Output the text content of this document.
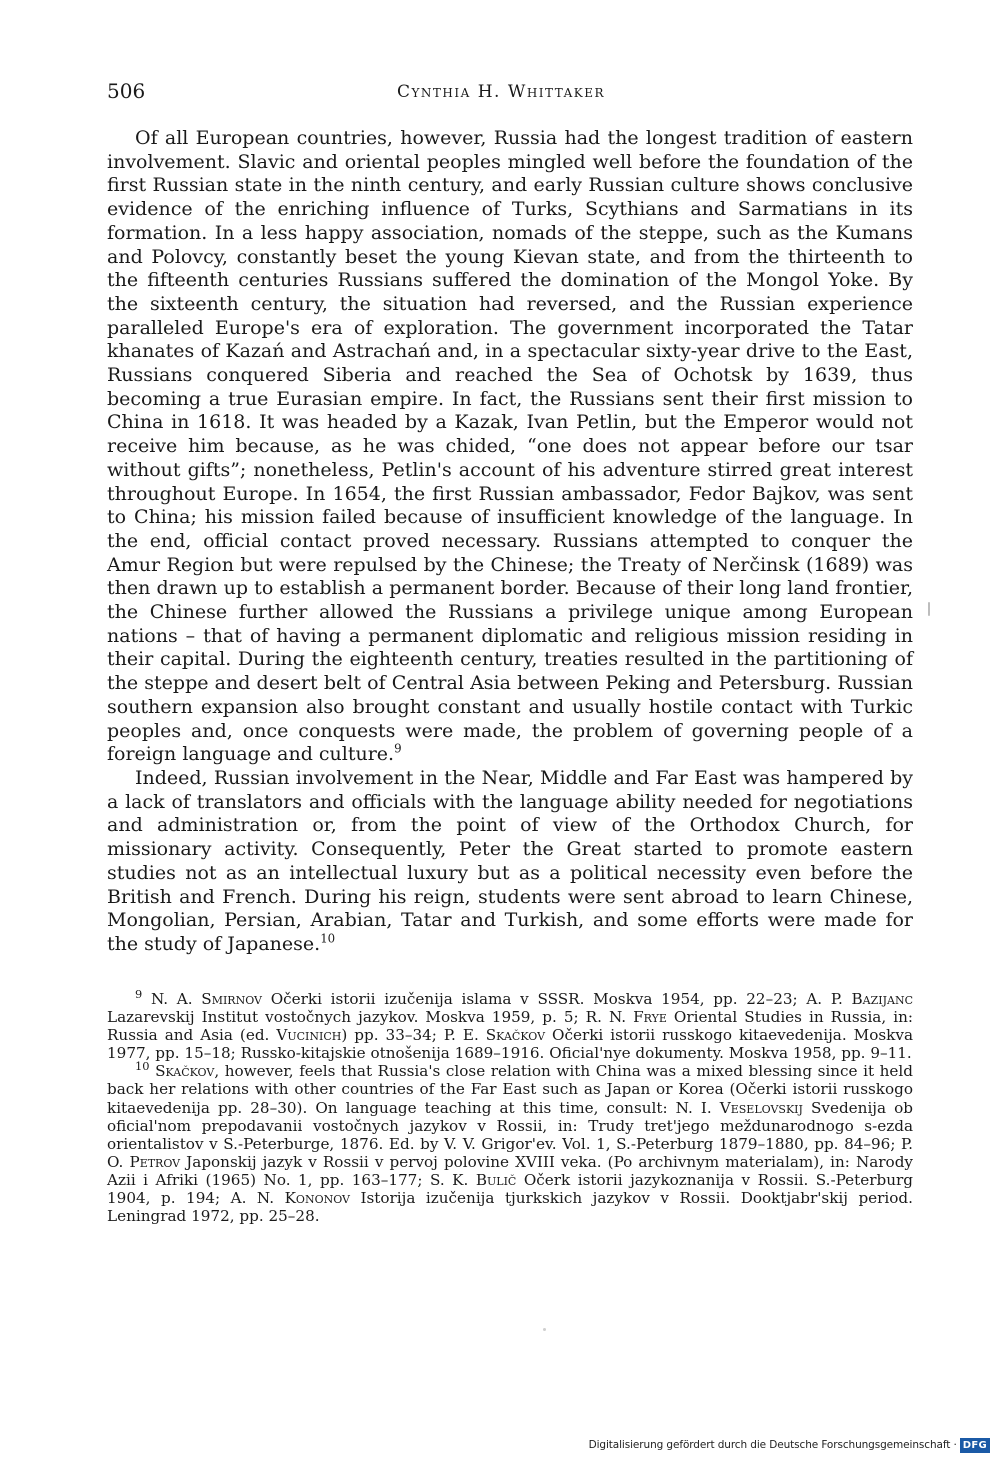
506	Cynthia H. Whittaker

Of all European countries, however, Russia had the longest tradition of eastern involvement. Slavic and oriental peoples mingled well before the foundation of the first Russian state in the ninth century, and early Russian culture shows conclusive evidence of the enriching influence of Turks, Scythians and Sarmatians in its formation. In a less happy association, nomads of the steppe, such as the Kumans and Polovcy, constantly beset the young Kievan state, and from the thirteenth to the fifteenth centuries Russians suffered the domination of the Mongol Yoke. By the sixteenth century, the situation had reversed, and the Russian experience paralleled Europe's era of exploration. The government incorporated the Tatar khanates of Kazań and Astrachań and, in a spectacular sixty-year drive to the East, Russians conquered Siberia and reached the Sea of Ochotsk by 1639, thus becoming a true Eurasian empire. In fact, the Russians sent their first mission to China in 1618. It was headed by a Kazak, Ivan Petlin, but the Emperor would not receive him because, as he was chided, “one does not appear before our tsar without gifts”; nonetheless, Petlin's account of his adventure stirred great interest throughout Europe. In 1654, the first Russian ambassador, Fedor Bajkov, was sent to China; his mission failed because of insufficient knowledge of the language. In the end, official contact proved necessary. Russians attempted to conquer the Amur Region but were repulsed by the Chinese; the Treaty of Nerčinsk (1689) was then drawn up to establish a permanent border. Because of their long land frontier, the Chinese further allowed the Russians a privilege unique among European nations – that of having a permanent diplomatic and religious mission residing in their capital. During the eighteenth century, treaties resulted in the partitioning of the steppe and desert belt of Central Asia between Peking and Petersburg. Russian southern expansion also brought constant and usually hostile contact with Turkic peoples and, once conquests were made, the problem of governing people of a foreign language and culture.$^9$

Indeed, Russian involvement in the Near, Middle and Far East was hampered by a lack of translators and officials with the language ability needed for negotiations and administration or, from the point of view of the Orthodox Church, for missionary activity. Consequently, Peter the Great started to promote eastern studies not as an intellectual luxury but as a political necessity even before the British and French. During his reign, students were sent abroad to learn Chinese, Mongolian, Persian, Arabian, Tatar and Turkish, and some efforts were made for the study of Japanese.$^{10}$

$^9$ N. A. Smirnov Očerki istorii izučenija islama v SSSR. Moskva 1954, pp. 22–23; A. P. Bazijanc Lazarevskij Institut vostočnych jazykov. Moskva 1959, p. 5; R. N. Frye Oriental Studies in Russia, in: Russia and Asia (ed. Vucinich) pp. 33–34; P. E. Skačkov Očerki istorii russkogo kitaevedenija. Moskva 1977, pp. 15–18; Russko-kitajskie otnošenija 1689–1916. Oficial'nye dokumenty. Moskva 1958, pp. 9–11.

$^{10}$ Skačkov, however, feels that Russia's close relation with China was a mixed blessing since it held back her relations with other countries of the Far East such as Japan or Korea (Očerki istorii russkogo kitaevedenija pp. 28–30). On language teaching at this time, consult: N. I. Veselovskij Svedenija ob oficial'nom prepodavanii vostočnych jazykov v Rossii, in: Trudy tret'jego meždunarodnogo s-ezda orientalistov v S.-Peterburge, 1876. Ed. by V. V. Grigor'ev. Vol. 1, S.-Peterburg 1879–1880, pp. 84–96; P. O. Petrov Japonskij jazyk v Rossii v pervoj polovine XVIII veka. (Po archivnym materialam), in: Narody Azii i Afriki (1965) No. 1, pp. 163–177; S. K. Bulič Očerk istorii jazykoznanija v Rossii. S.-Peterburg 1904, p. 194; A. N. Kononov Istorija izučenija tjurkskich jazykov v Rossii. Dooktjabr'skij period. Leningrad 1972, pp. 25–28.

Digitalisierung gefördert durch die Deutsche Forschungsgemeinschaft · DFG
